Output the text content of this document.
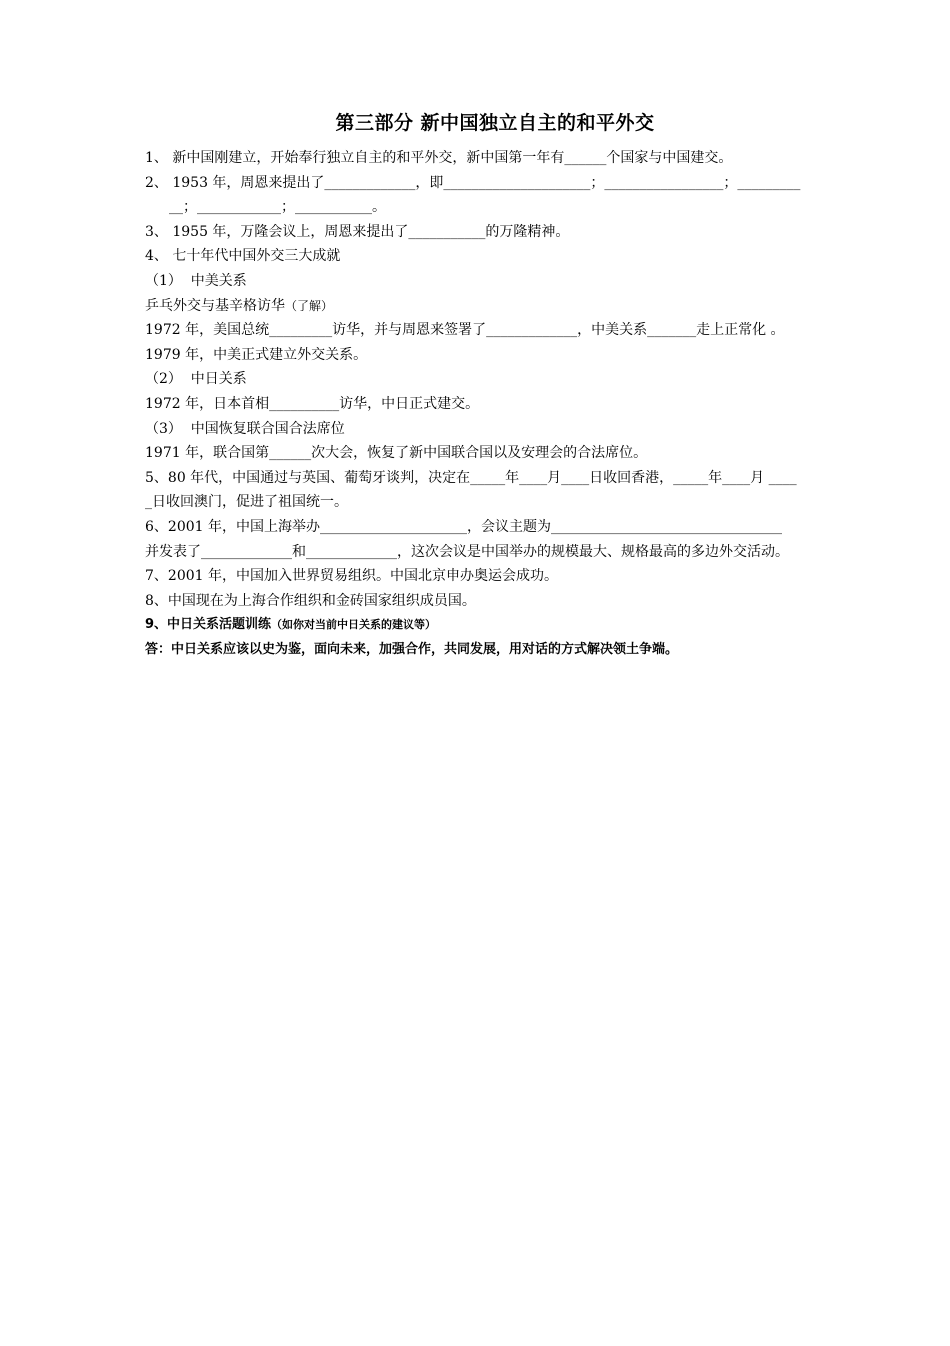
第三部分 新中国独立自主的和平外交

1、 新中国刚建立，开始奉行独立自主的和平外交，新中国第一年有______个国家与中国建交。

2、 1953 年，周恩来提出了_____________，即_____________________；_________________；_________

__；____________；___________。

3、 1955 年，万隆会议上，周恩来提出了___________的万隆精神。

4、 七十年代中国外交三大成就

（1）  中美关系

乒乓外交与基辛格访华（了解）

1972 年，美国总统_________访华，并与周恩来签署了_____________，中美关系_______走上正常化 。

1979 年，中美正式建立外交关系。

（2）  中日关系

1972 年，日本首相__________访华，中日正式建交。

（3）  中国恢复联合国合法席位

1971 年，联合国第______次大会，恢复了新中国联合国以及安理会的合法席位。

5、80 年代，中国通过与英国、葡萄牙谈判，决定在_____年____月____日收回香港，_____年____月 ____

_日收回澳门，促进了祖国统一。

6、2001 年，中国上海举办_____________________，会议主题为_________________________________

并发表了_____________和_____________，这次会议是中国举办的规模最大、规格最高的多边外交活动。

7、2001 年，中国加入世界贸易组织。中国北京申办奥运会成功。

8、中国现在为上海合作组织和金砖国家组织成员国。

9、中日关系活题训练（如你对当前中日关系的建议等）

答：中日关系应该以史为鉴，面向未来，加强合作，共同发展，用对话的方式解决领土争端。
